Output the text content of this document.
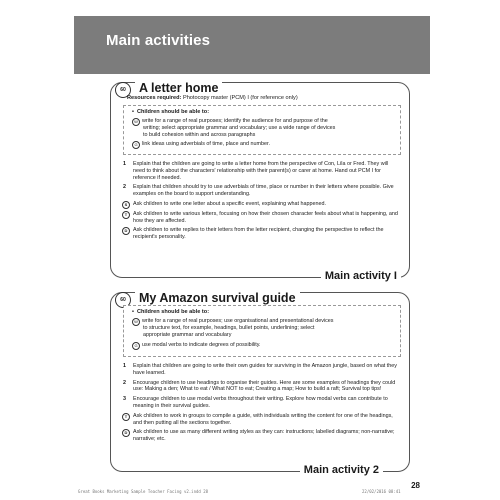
Main activities
60	A letter home
Resources required: Photocopy master (PCM) I (for reference only)
• Children should be able to:
W write for a range of real purposes; identify the audience for and purpose of the
writing; select appropriate grammar and vocabulary; use a wide range of devices
to build cohesion within and across paragraphs
G link ideas using adverbials of time, place and number.
1 Explain that the children are going to write a letter home from the perspective of Con, Lila or Fred. They will need to think about the characters' relationship with their parent(s) or carer at home. Hand out PCM I for reference if needed.
2 Explain that children should try to use adverbials of time, place or number in their letters where possible. Give examples on the board to support understanding.
S	Ask children to write one letter about a specific event, explaining what happened.
T	Ask children to write various letters, focusing on how their chosen character feels about what is happening, and how they are affected.
D	Ask children to write replies to their letters from the letter recipient, changing the perspective to reflect the recipient's personality.
Main activity I
60	My Amazon survival guide
• Children should be able to:
W write for a range of real purposes; use organisational and presentational devices
to structure text, for example, headings, bullet points, underlining; select
appropriate grammar and vocabulary
G use modal verbs to indicate degrees of possibility.
1 Explain that children are going to write their own guides for surviving in the Amazon jungle, based on what they have learned.
2 Encourage children to use headings to organise their guides. Here are some examples of headings they could use: Making a den; What to eat / What NOT to eat; Creating a map; How to build a raft; Survival top tips!
3 Encourage children to use modal verbs throughout their writing. Explore how modal verbs can contribute to meaning in their survival guides.
T	Ask children to work in groups to compile a guide, with individuals writing the content for one of the headings, and then putting all the sections together.
D	Ask children to use as many different writing styles as they can: instructions; labelled diagrams; non-narrative; narrative; etc.
Main activity 2
28
Great Books Marketing Sample Teacher Facing v2.indd 28	22/02/2016 08:41
